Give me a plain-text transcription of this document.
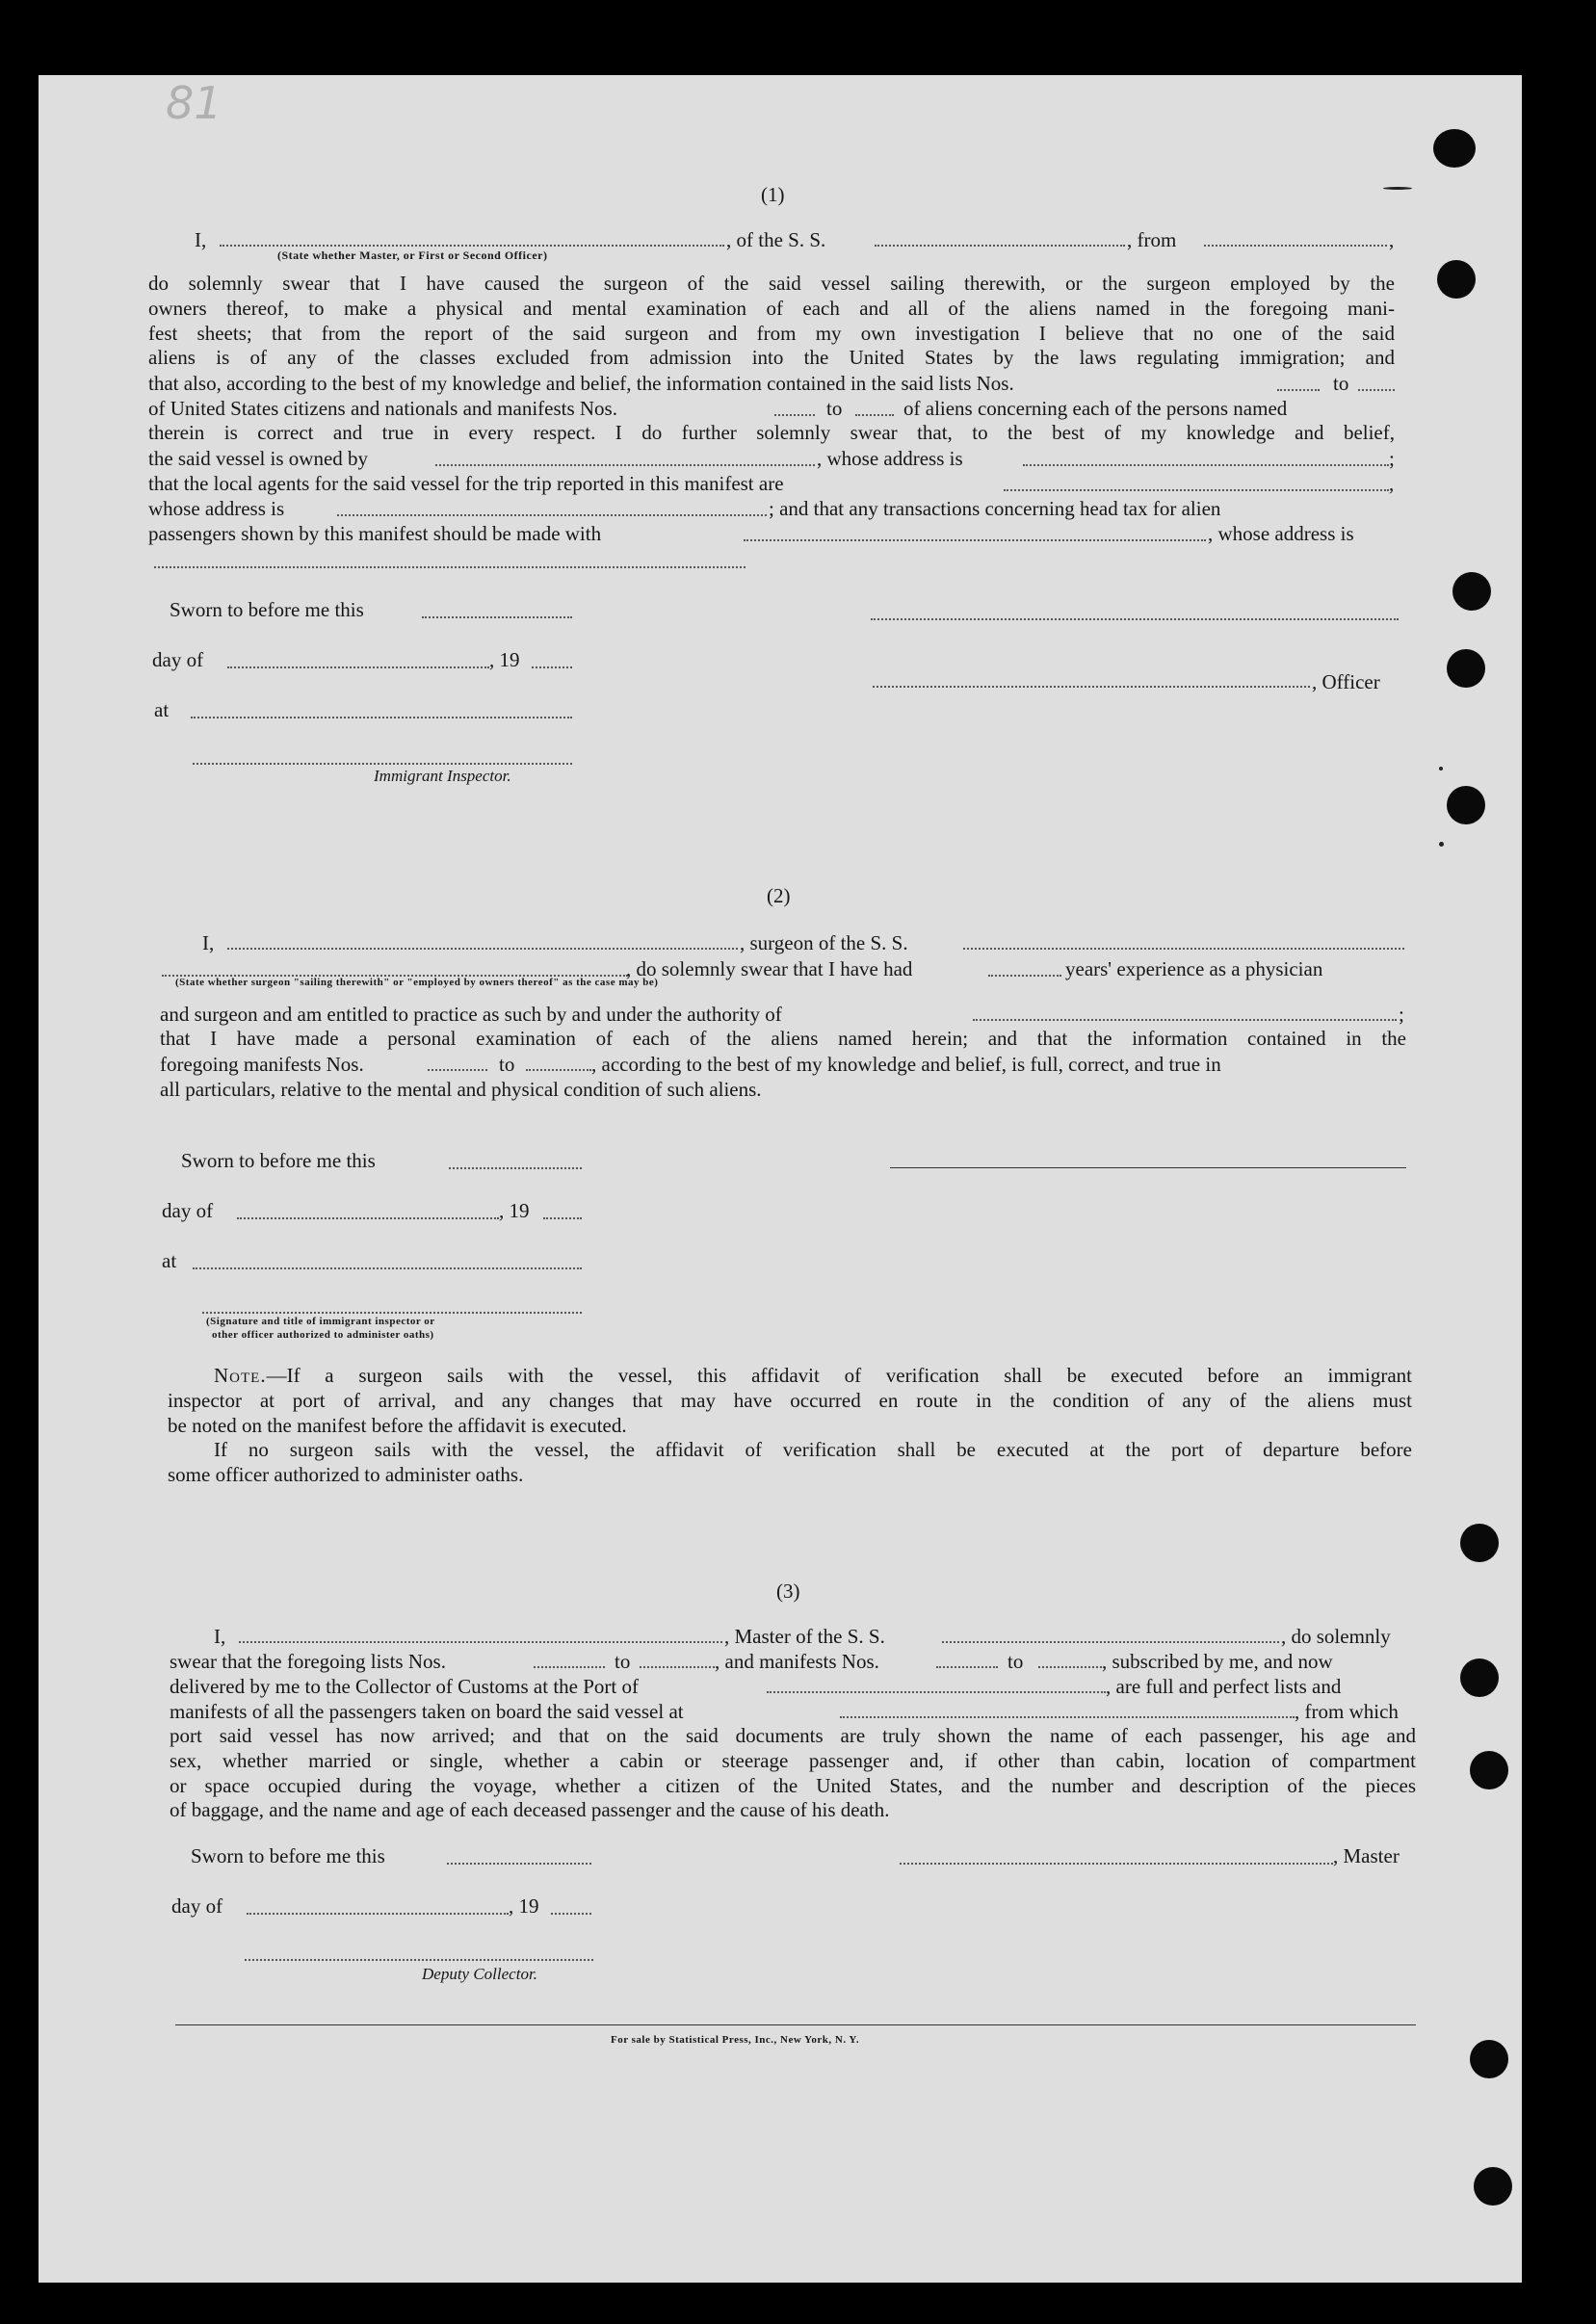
81
(1)
I,	, of the S. S.	, from	,
(State whether Master, or First or Second Officer)
do solemnly swear that I have caused the surgeon of the said vessel sailing therewith, or the surgeon employed by the
owners thereof, to make a physical and mental examination of each and all of the aliens named in the foregoing mani-
fest sheets; that from the report of the said surgeon and from my own investigation I believe that no one of the said
aliens is of any of the classes excluded from admission into the United States by the laws regulating immigration; and
that also, according to the best of my knowledge and belief, the information contained in the said lists Nos.	to
of United States citizens and nationals and manifests Nos.	to	of aliens concerning each of the persons named
therein is correct and true in every respect. I do further solemnly swear that, to the best of my knowledge and belief,
the said vessel is owned by	, whose address is	;
that the local agents for the said vessel for the trip reported in this manifest are	,
whose address is	; and that any transactions concerning head tax for alien
passengers shown by this manifest should be made with	, whose address is
Sworn to before me this
day of	, 19
, Officer
at
Immigrant Inspector.
(2)
I,	, surgeon of the S. S.
, do solemnly swear that I have had	years' experience as a physician
(State whether surgeon "sailing therewith" or "employed by owners thereof" as the case may be)
and surgeon and am entitled to practice as such by and under the authority of	;
that I have made a personal examination of each of the aliens named herein; and that the information contained in the
foregoing manifests Nos.	to	, according to the best of my knowledge and belief, is full, correct, and true in
all particulars, relative to the mental and physical condition of such aliens.
Sworn to before me this
day of	, 19
at
(Signature and title of immigrant inspector or
other officer authorized to administer oaths)
Note.—If a surgeon sails with the vessel, this affidavit of verification shall be executed before an immigrant
inspector at port of arrival, and any changes that may have occurred en route in the condition of any of the aliens must
be noted on the manifest before the affidavit is executed.
If no surgeon sails with the vessel, the affidavit of verification shall be executed at the port of departure before
some officer authorized to administer oaths.
(3)
I,	, Master of the S. S.	, do solemnly
swear that the foregoing lists Nos.	to	, and manifests Nos.	to	, subscribed by me, and now
delivered by me to the Collector of Customs at the Port of	, are full and perfect lists and
manifests of all the passengers taken on board the said vessel at	, from which
port said vessel has now arrived; and that on the said documents are truly shown the name of each passenger, his age and
sex, whether married or single, whether a cabin or steerage passenger and, if other than cabin, location of compartment
or space occupied during the voyage, whether a citizen of the United States, and the number and description of the pieces
of baggage, and the name and age of each deceased passenger and the cause of his death.
Sworn to before me this	, Master
day of	, 19
Deputy Collector.
For sale by Statistical Press, Inc., New York, N. Y.
